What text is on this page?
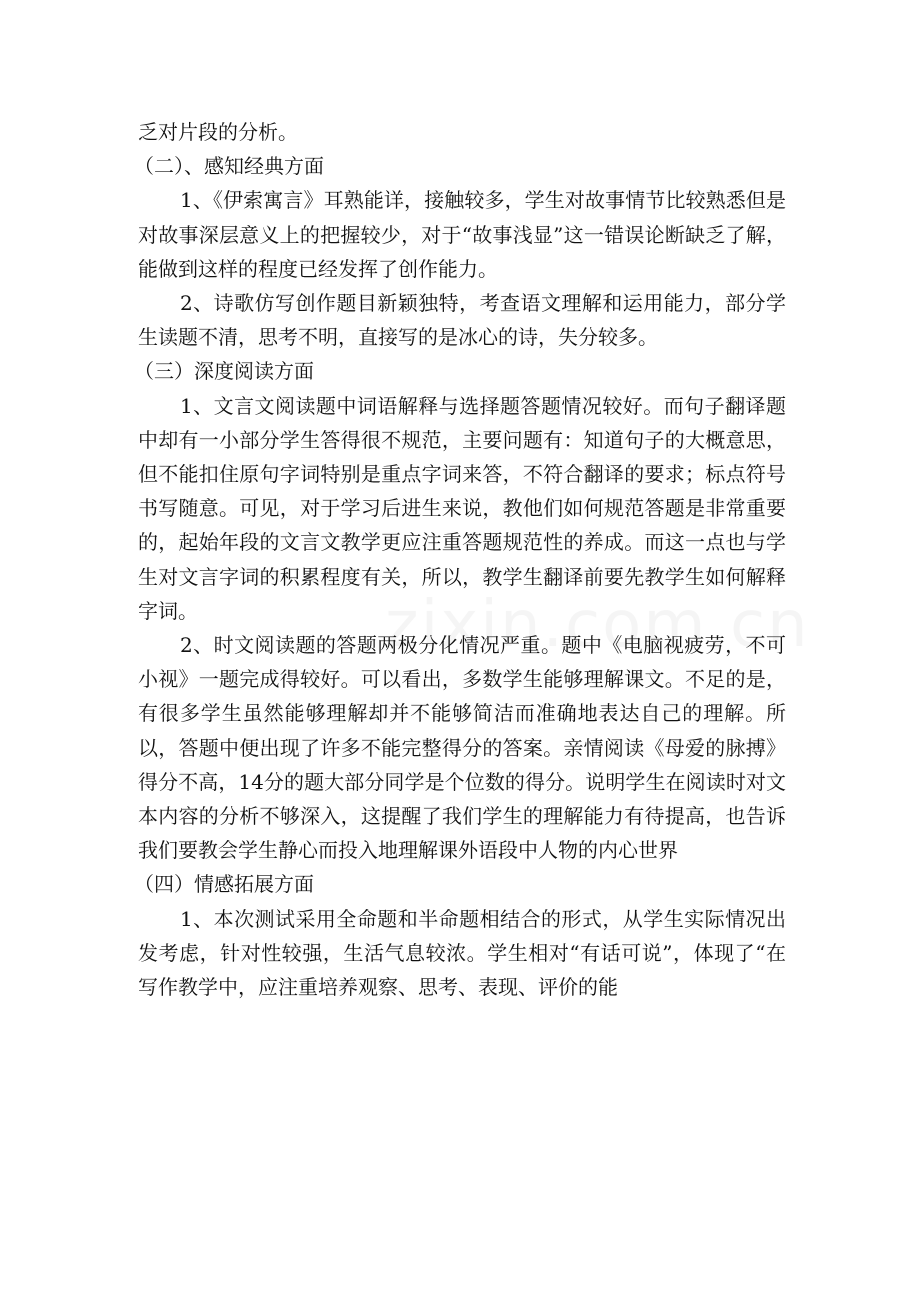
乏对片段的分析。

（二）、感知经典方面

1、《伊索寓言》耳熟能详，接触较多，学生对故事情节比较熟悉但是对故事深层意义上的把握较少，对于“故事浅显”这一错误论断缺乏了解，能做到这样的程度已经发挥了创作能力。

2、诗歌仿写创作题目新颖独特，考查语文理解和运用能力，部分学生读题不清，思考不明，直接写的是冰心的诗，失分较多。

（三）深度阅读方面

1、文言文阅读题中词语解释与选择题答题情况较好。而句子翻译题中却有一小部分学生答得很不规范，主要问题有：知道句子的大概意思，但不能扣住原句字词特别是重点字词来答，不符合翻译的要求；标点符号书写随意。可见，对于学习后进生来说，教他们如何规范答题是非常重要的，起始年段的文言文教学更应注重答题规范性的养成。而这一点也与学生对文言字词的积累程度有关，所以，教学生翻译前要先教学生如何解释字词。

2、时文阅读题的答题两极分化情况严重。题中《电脑视疲劳，不可小视》一题完成得较好。可以看出，多数学生能够理解课文。不足的是，有很多学生虽然能够理解却并不能够简洁而准确地表达自己的理解。所以，答题中便出现了许多不能完整得分的答案。亲情阅读《母爱的脉搏》得分不高，14分的题大部分同学是个位数的得分。说明学生在阅读时对文本内容的分析不够深入，这提醒了我们学生的理解能力有待提高，也告诉我们要教会学生静心而投入地理解课外语段中人物的内心世界

（四）情感拓展方面

1、本次测试采用全命题和半命题相结合的形式，从学生实际情况出发考虑，针对性较强，生活气息较浓。学生相对“有话可说”，体现了“在写作教学中，应注重培养观察、思考、表现、评价的能
